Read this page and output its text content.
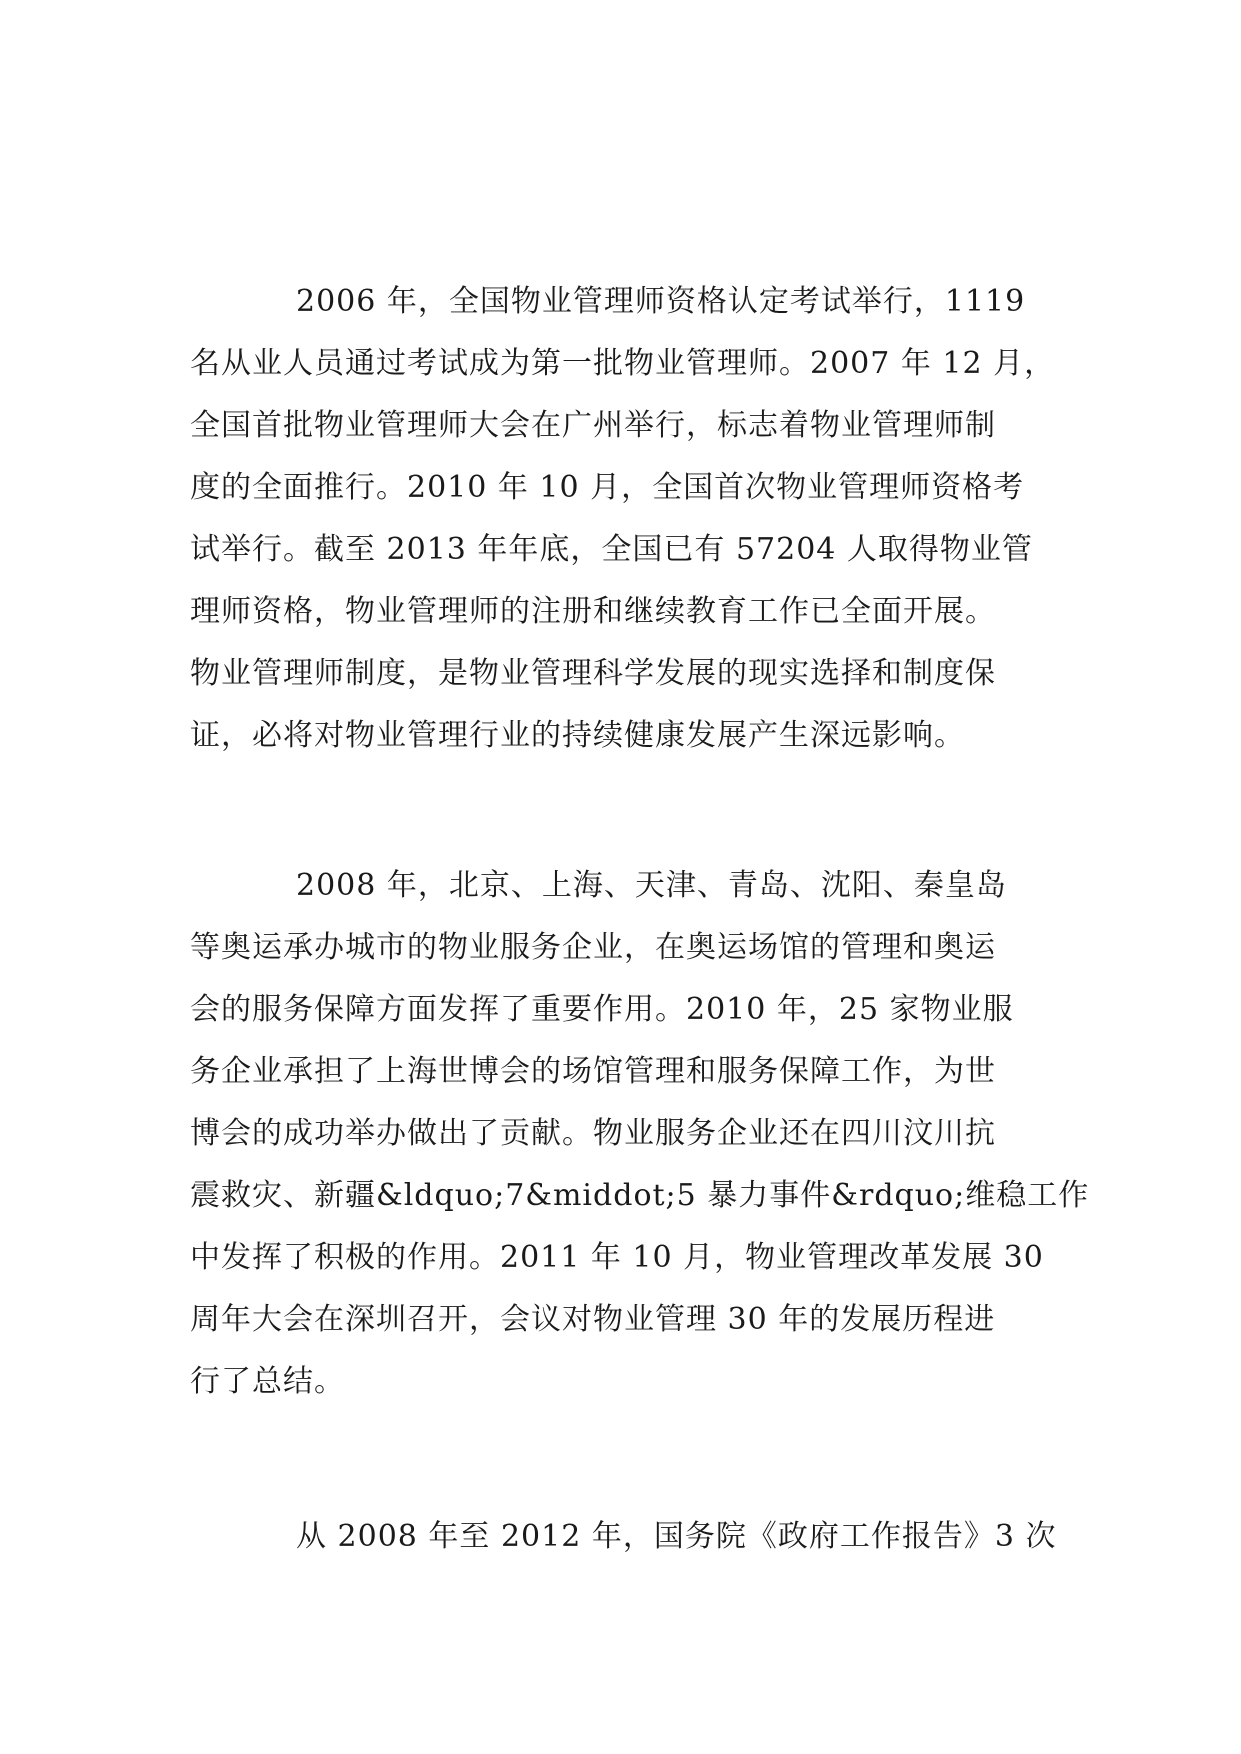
2006 年，全国物业管理师资格认定考试举行，1119
名从业人员通过考试成为第一批物业管理师。2007 年 12 月，
全国首批物业管理师大会在广州举行，标志着物业管理师制
度的全面推行。2010 年 10 月，全国首次物业管理师资格考
试举行。截至 2013 年年底，全国已有 57204 人取得物业管
理师资格，物业管理师的注册和继续教育工作已全面开展。
物业管理师制度，是物业管理科学发展的现实选择和制度保
证，必将对物业管理行业的持续健康发展产生深远影响。

2008 年，北京、上海、天津、青岛、沈阳、秦皇岛
等奥运承办城市的物业服务企业，在奥运场馆的管理和奥运
会的服务保障方面发挥了重要作用。2010 年，25 家物业服
务企业承担了上海世博会的场馆管理和服务保障工作，为世
博会的成功举办做出了贡献。物业服务企业还在四川汶川抗
震救灾、新疆&ldquo;7&middot;5 暴力事件&rdquo;维稳工作
中发挥了积极的作用。2011 年 10 月，物业管理改革发展 30
周年大会在深圳召开，会议对物业管理 30 年的发展历程进
行了总结。

从 2008 年至 2012 年，国务院《政府工作报告》3 次
